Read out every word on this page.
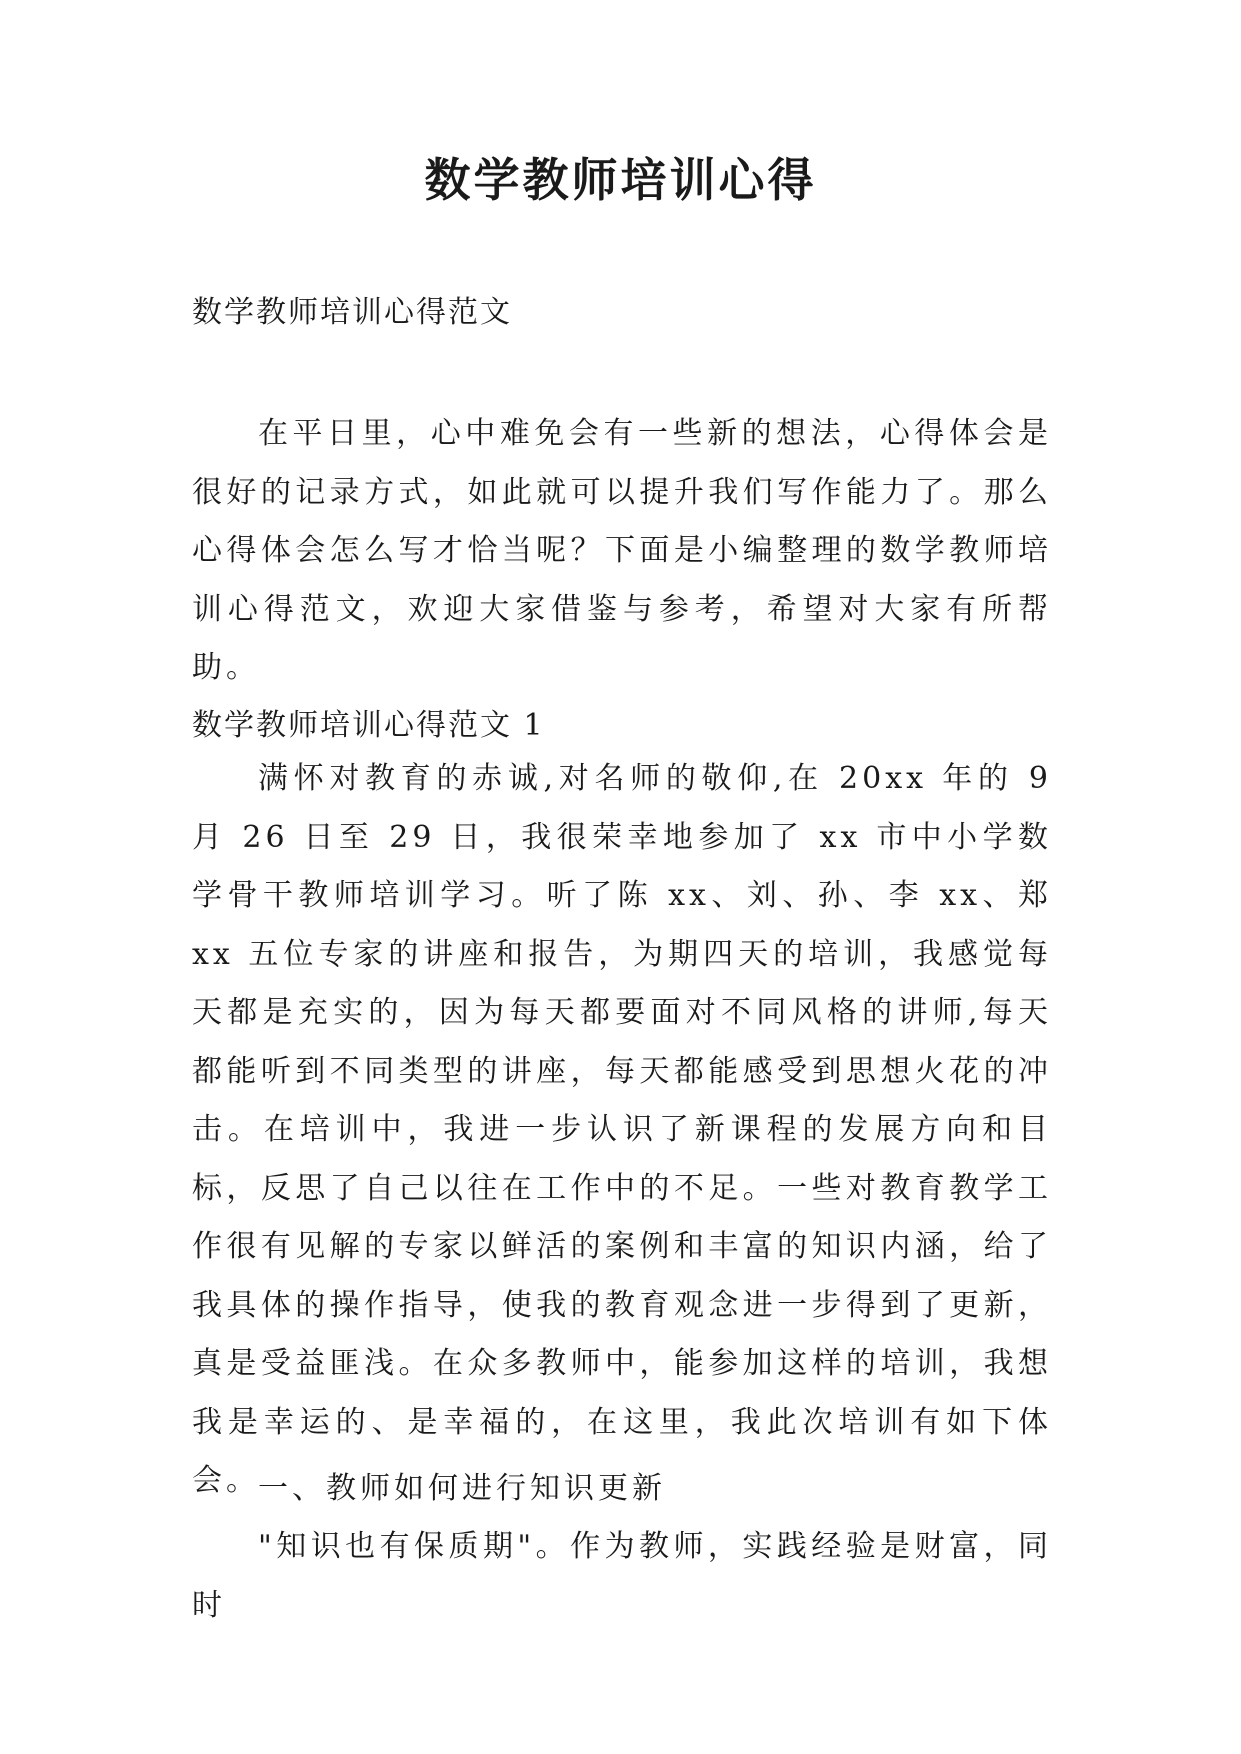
数学教师培训心得

数学教师培训心得范文

在平日里，心中难免会有一些新的想法，心得体会是很好的记录方式，如此就可以提升我们写作能力了。那么心得体会怎么写才恰当呢？下面是小编整理的数学教师培训心得范文，欢迎大家借鉴与参考，希望对大家有所帮助。

数学教师培训心得范文 1

满怀对教育的赤诚,对名师的敬仰,在 20xx 年的 9 月 26 日至 29 日，我很荣幸地参加了 xx 市中小学数学骨干教师培训学习。听了陈 xx、刘、孙、李 xx、郑 xx 五位专家的讲座和报告，为期四天的培训，我感觉每天都是充实的，因为每天都要面对不同风格的讲师,每天都能听到不同类型的讲座，每天都能感受到思想火花的冲击。在培训中，我进一步认识了新课程的发展方向和目标，反思了自己以往在工作中的不足。一些对教育教学工作很有见解的专家以鲜活的案例和丰富的知识内涵，给了我具体的操作指导，使我的教育观念进一步得到了更新，真是受益匪浅。在众多教师中，能参加这样的培训，我想我是幸运的、是幸福的，在这里，我此次培训有如下体会。

一、教师如何进行知识更新

"知识也有保质期"。作为教师，实践经验是财富，同时
